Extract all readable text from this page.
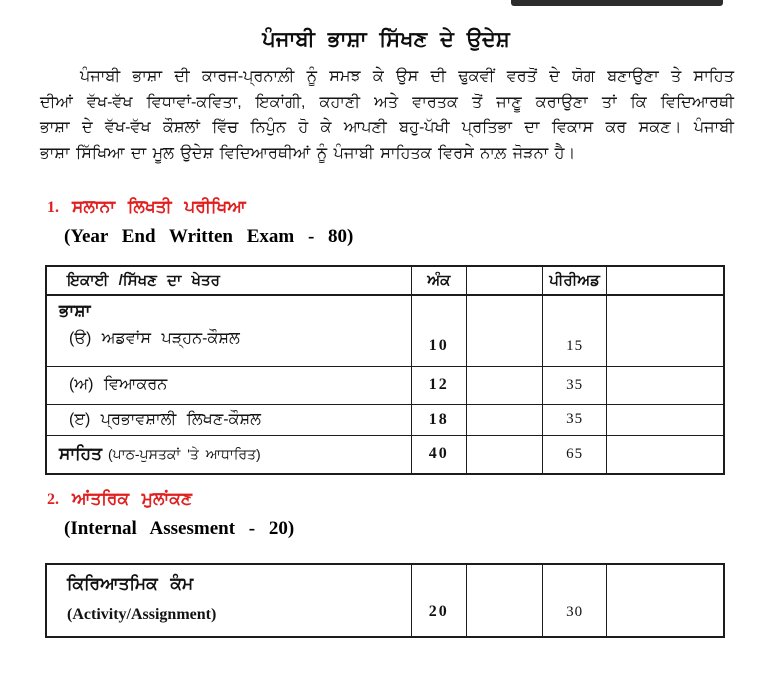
ਪੰਜਾਬੀ ਭਾਸ਼ਾ ਸਿੱਖਣ ਦੇ ਉਦੇਸ਼
ਪੰਜਾਬੀ ਭਾਸ਼ਾ ਦੀ ਕਾਰਜ-ਪ੍ਰਨਾਲ਼ੀ ਨੂੰ ਸਮਝ ਕੇ ਉਸ ਦੀ ਢੁਕਵੀਂ ਵਰਤੋਂ ਦੇ ਯੋਗ ਬਣਾਉਣਾ ਤੇ ਸਾਹਿਤ
ਦੀਆਂ ਵੱਖ-ਵੱਖ ਵਿਧਾਵਾਂ-ਕਵਿਤਾ, ਇਕਾਂਗੀ, ਕਹਾਣੀ ਅਤੇ ਵਾਰਤਕ ਤੋਂ ਜਾਣੂ ਕਰਾਉਣਾ ਤਾਂ ਕਿ ਵਿਦਿਆਰਥੀ
ਭਾਸ਼ਾ ਦੇ ਵੱਖ-ਵੱਖ ਕੌਸ਼ਲਾਂ ਵਿੱਚ ਨਿਪੁੰਨ ਹੋ ਕੇ ਆਪਣੀ ਬਹੁ-ਪੱਖੀ ਪ੍ਰਤਿਭਾ ਦਾ ਵਿਕਾਸ ਕਰ ਸਕਣ। ਪੰਜਾਬੀ
ਭਾਸ਼ਾ ਸਿੱਖਿਆ ਦਾ ਮੂਲ ਉਦੇਸ਼ ਵਿਦਿਆਰਥੀਆਂ ਨੂੰ ਪੰਜਾਬੀ ਸਾਹਿਤਕ ਵਿਰਸੇ ਨਾਲ਼ ਜੋੜਨਾ ਹੈ।
1. ਸਲਾਨਾ ਲਿਖਤੀ ਪਰੀਖਿਆ
(Year End Written Exam - 80)
ਇਕਾਈ /ਸਿੱਖਣ ਦਾ ਖੇਤਰ	ਅੰਕ		ਪੀਰੀਅਡ	

ਭਾਸ਼ਾ
(ੳ) ਅਡਵਾਂਸ ਪੜ੍ਹਨ-ਕੌਸ਼ਲ	10		15	
(ਅ) ਵਿਆਕਰਨ	12		35	
(ੲ) ਪ੍ਰਭਾਵਸ਼ਾਲੀ ਲਿਖਣ-ਕੌਸ਼ਲ	18		35	
ਸਾਹਿਤ (ਪਾਠ-ਪੁਸਤਕਾਂ 'ਤੇ ਆਧਾਰਿਤ)	40		65	
2. ਆਂਤਰਿਕ ਮੁਲਾਂਕਣ
(Internal Assesment - 20)
ਕਿਰਿਆਤਮਿਕ ਕੰਮ
(Activity/Assignment)	20		30	
